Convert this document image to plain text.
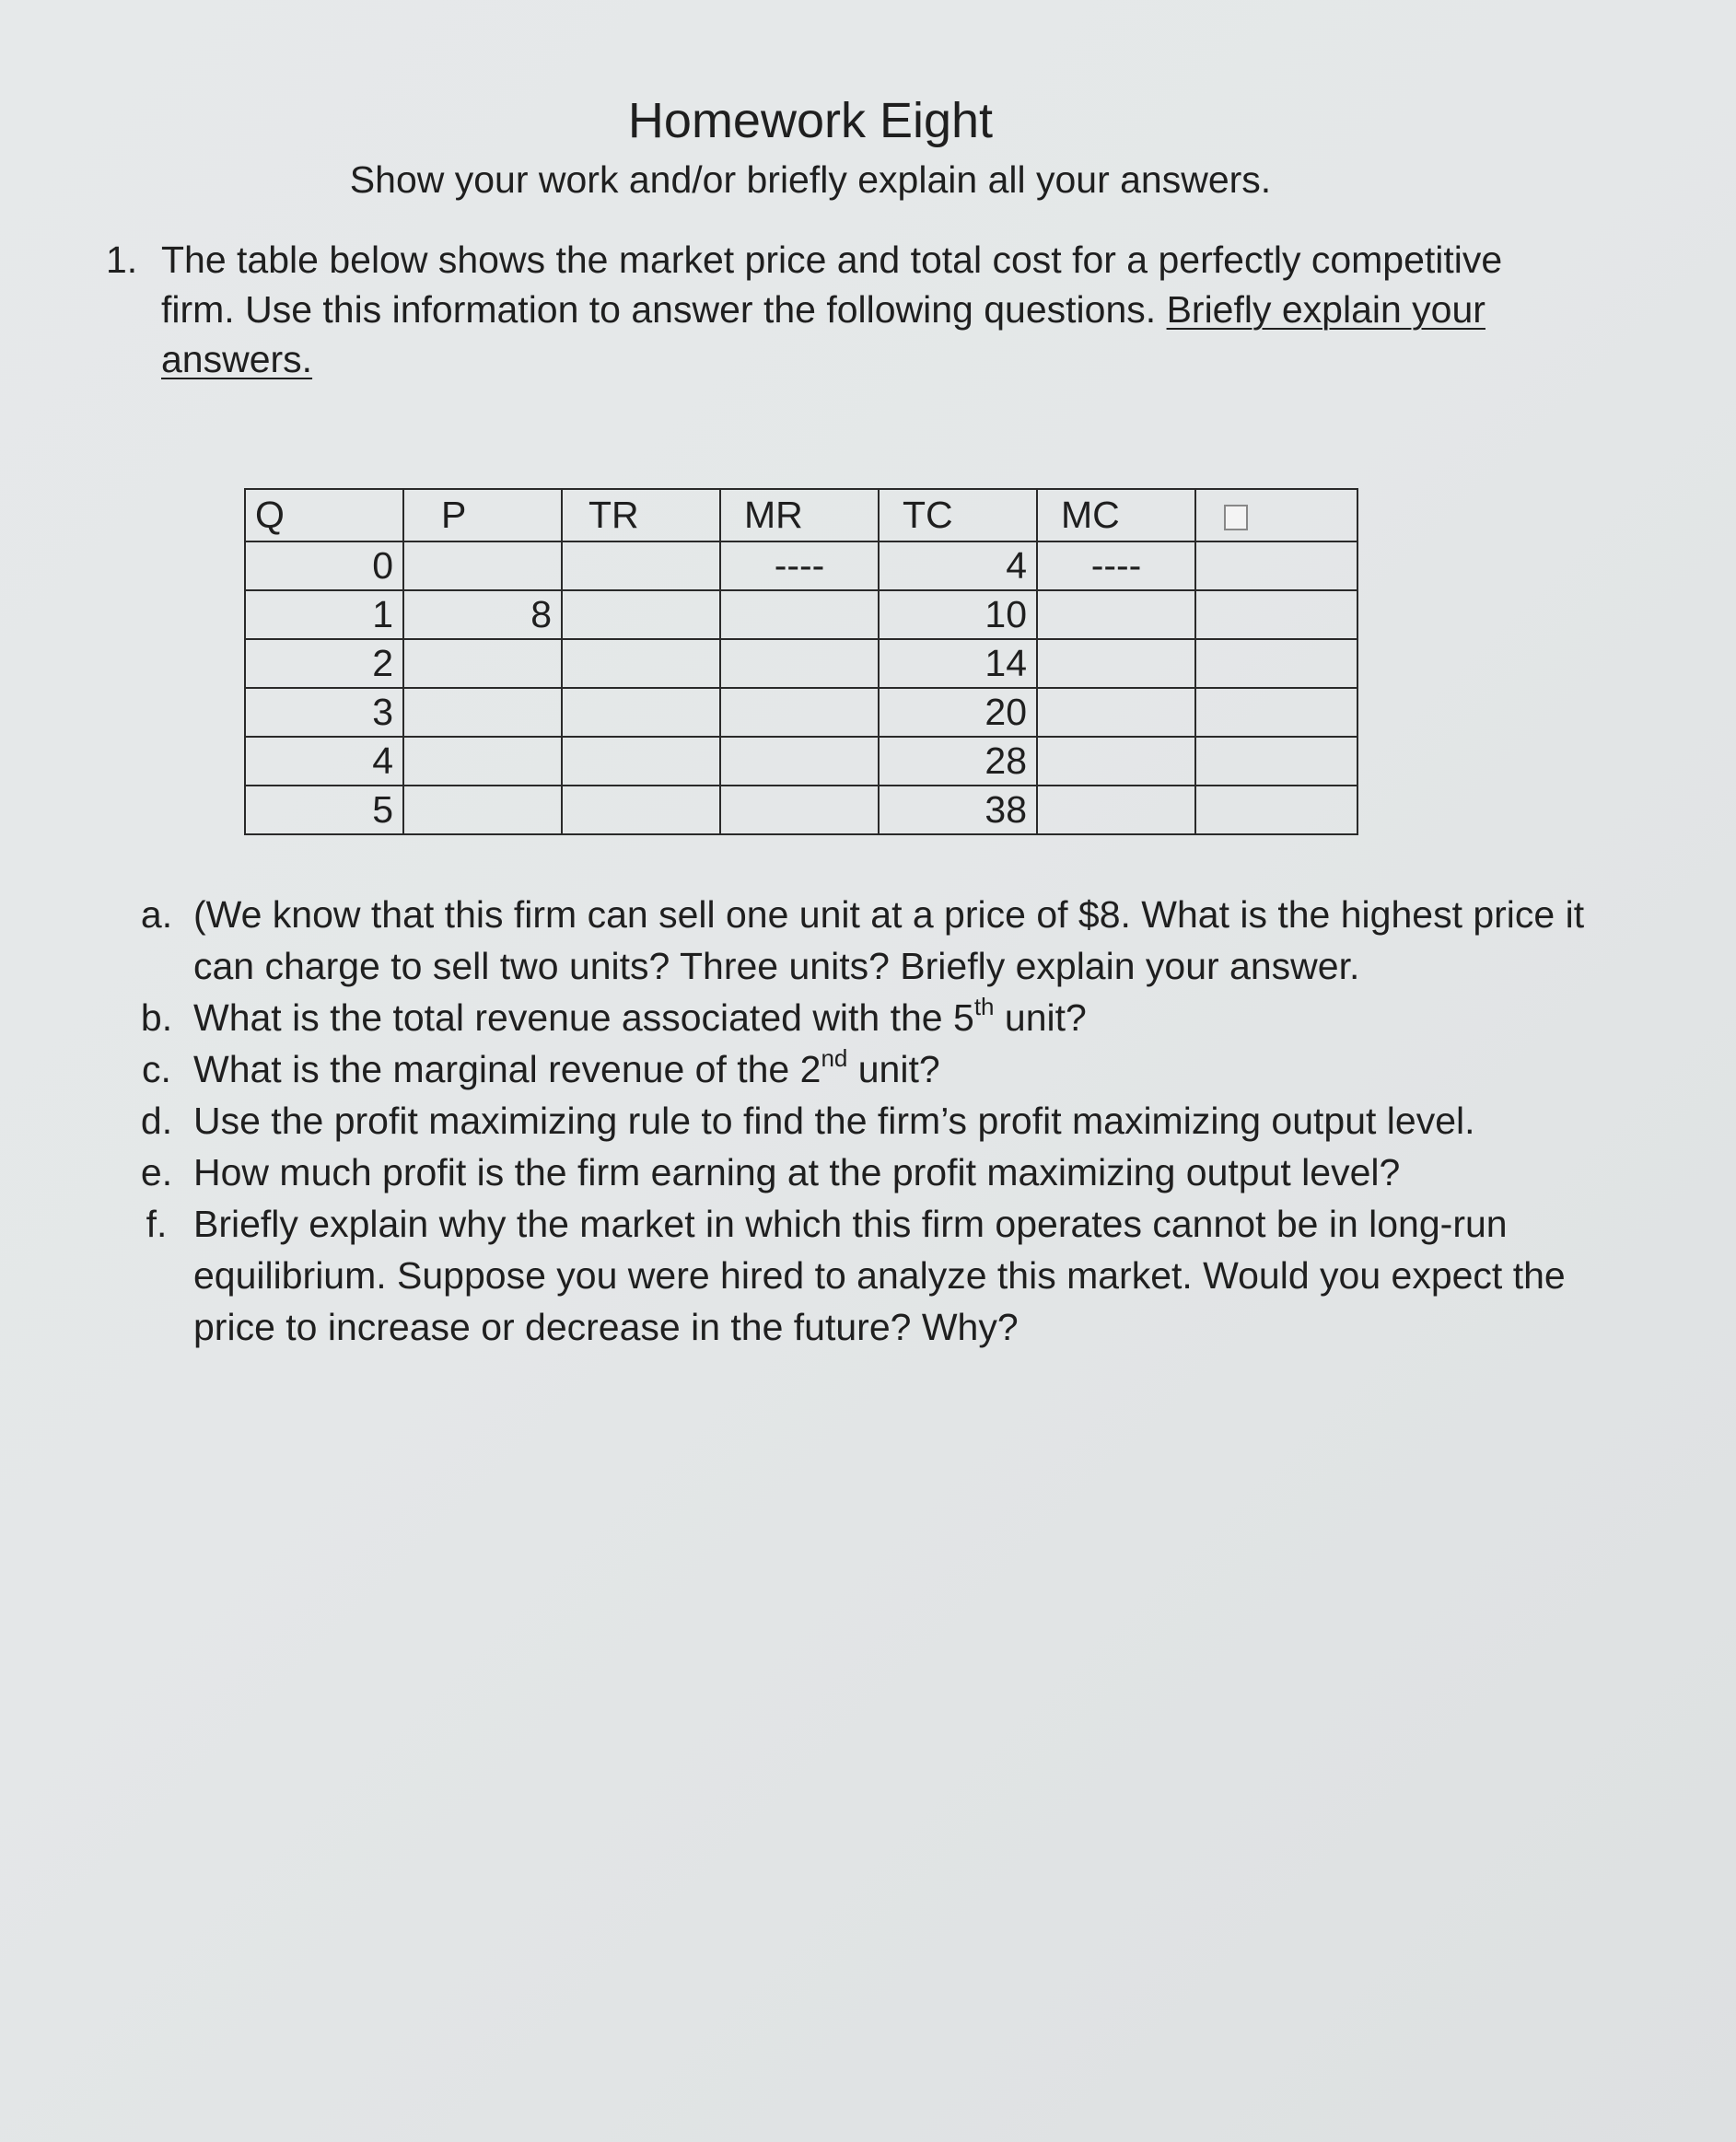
Homework Eight
Show your work and/or briefly explain all your answers.
1. The table below shows the market price and total cost for a perfectly competitive firm. Use this information to answer the following questions. Briefly explain your answers.
Q	P	TR	MR	TC	MC	
0			----	4	----	
1	8			10		
2				14		
3				20		
4				28		
5				38		
a. (We know that this firm can sell one unit at a price of $8. What is the highest price it can charge to sell two units? Three units? Briefly explain your answer.
b. What is the total revenue associated with the 5th unit?
c. What is the marginal revenue of the 2nd unit?
d. Use the profit maximizing rule to find the firm’s profit maximizing output level.
e. How much profit is the firm earning at the profit maximizing output level?
f. Briefly explain why the market in which this firm operates cannot be in long-run equilibrium. Suppose you were hired to analyze this market. Would you expect the price to increase or decrease in the future? Why?
